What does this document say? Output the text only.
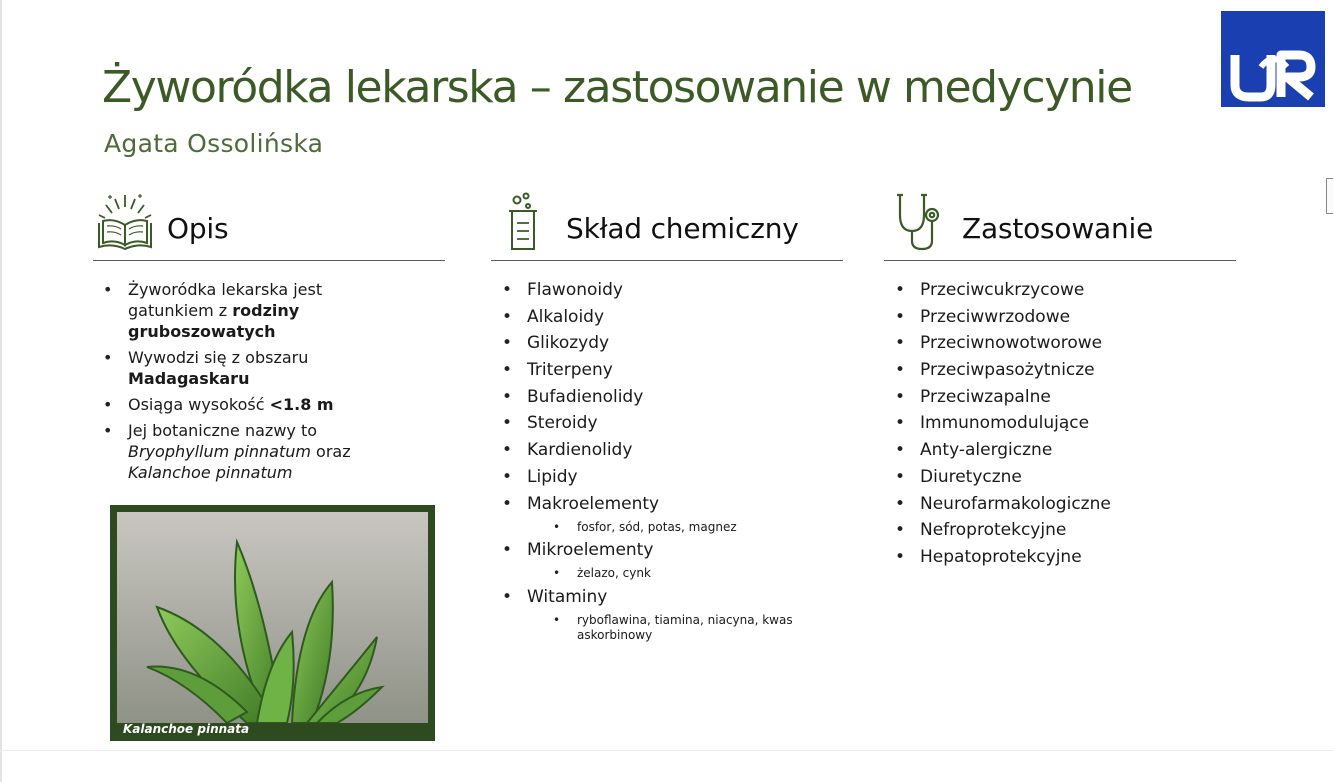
Żyworódka lekarska – zastosowanie w medycynie

Agata Ossolińska

Opis
• Żyworódka lekarska jest gatunkiem z rodziny gruboszowatych
• Wywodzi się z obszaru Madagaskaru
• Osiąga wysokość <1.8 m
• Jej botaniczne nazwy to Bryophyllum pinnatum oraz Kalanchoe pinnatum
Kalanchoe pinnata
Skład chemiczny
• Flawonoidy
• Alkaloidy
• Glikozydy
• Triterpeny
• Bufadienolidy
• Steroidy
• Kardienolidy
• Lipidy
• Makroelementy
• fosfor, sód, potas, magnez
• Mikroelementy
• żelazo, cynk
• Witaminy
• ryboflawina, tiamina, niacyna, kwas askorbinowy
Zastosowanie
• Przeciwcukrzycowe
• Przeciwwrzodowe
• Przeciwnowotworowe
• Przeciwpasożytnicze
• Przeciwzapalne
• Immunomodulujące
• Anty-alergiczne
• Diuretyczne
• Neurofarmakologiczne
• Nefroprotekcyjne
• Hepatoprotekcyjne
